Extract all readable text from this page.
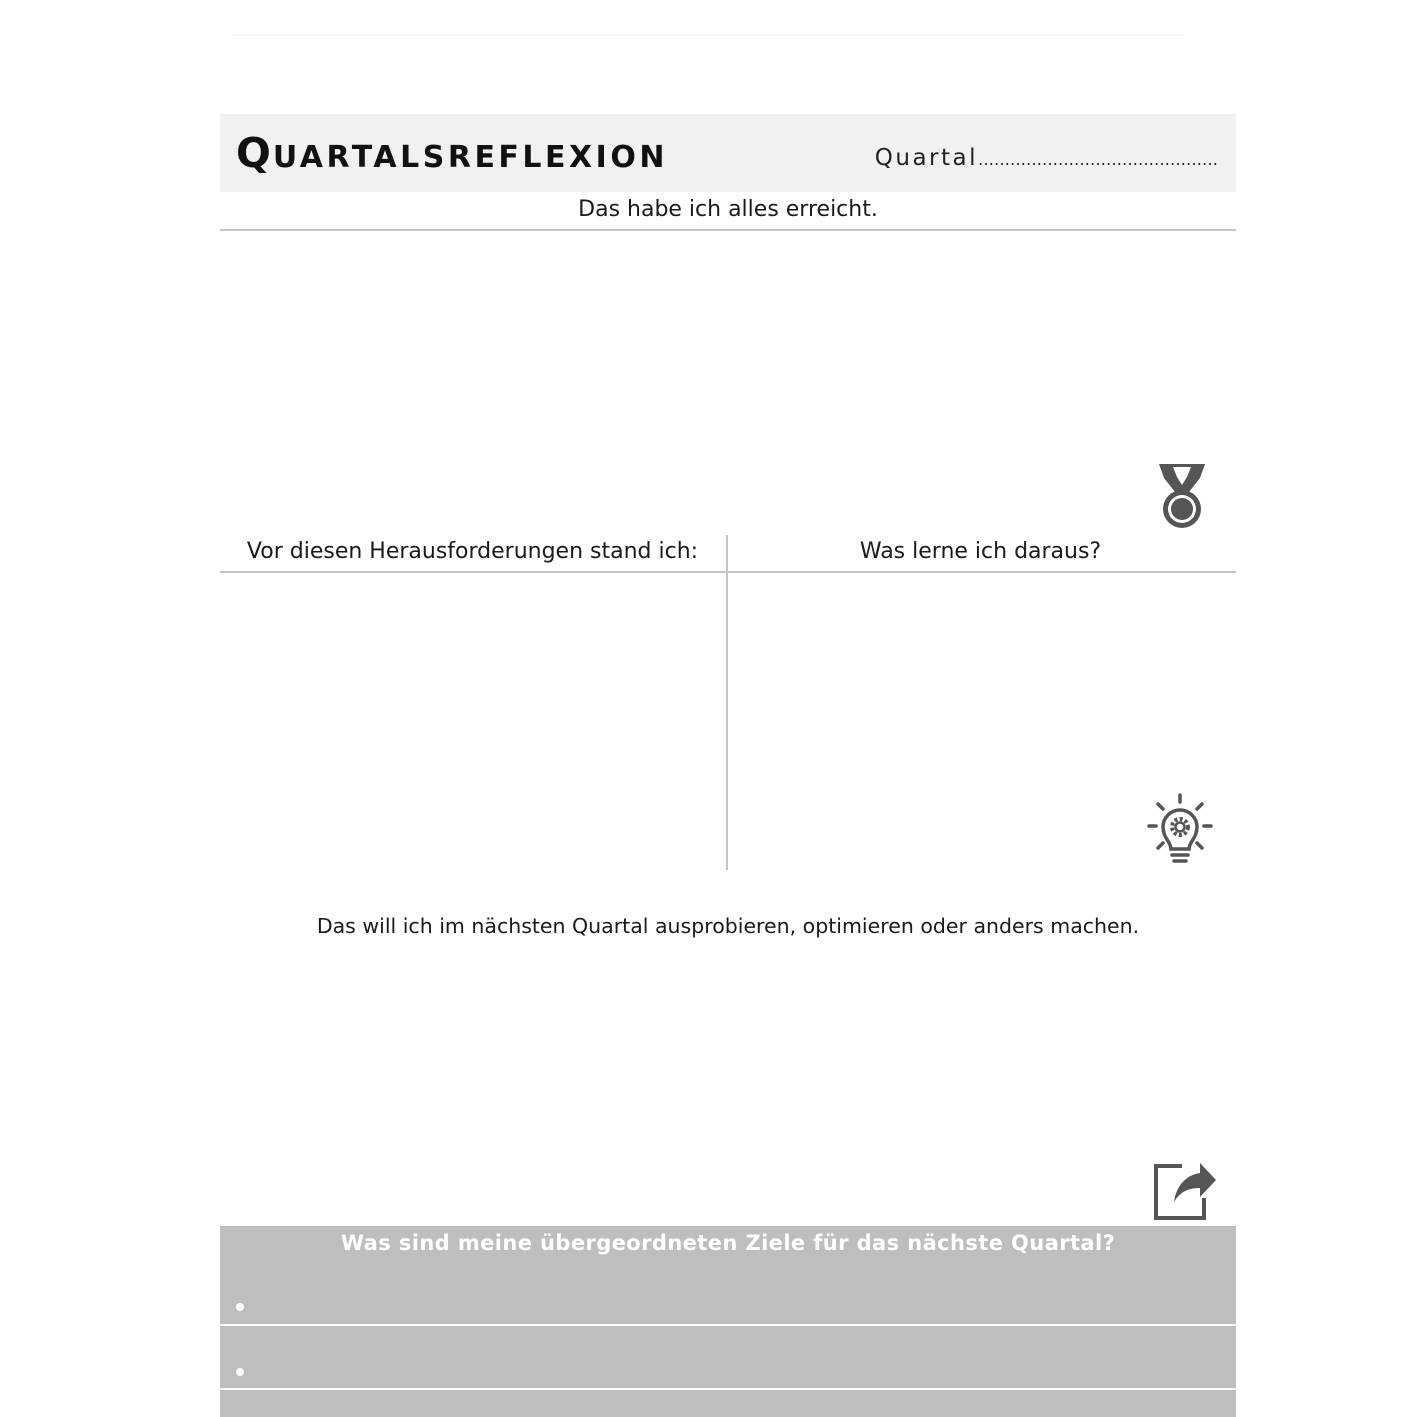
QUARTALSREFLEXION	Quartal………………………………………
Das habe ich alles erreicht.
Vor diesen Herausforderungen stand ich:	Was lerne ich daraus?
Das will ich im nächsten Quartal ausprobieren, optimieren oder anders machen.
Was sind meine übergeordneten Ziele für das nächste Quartal?
